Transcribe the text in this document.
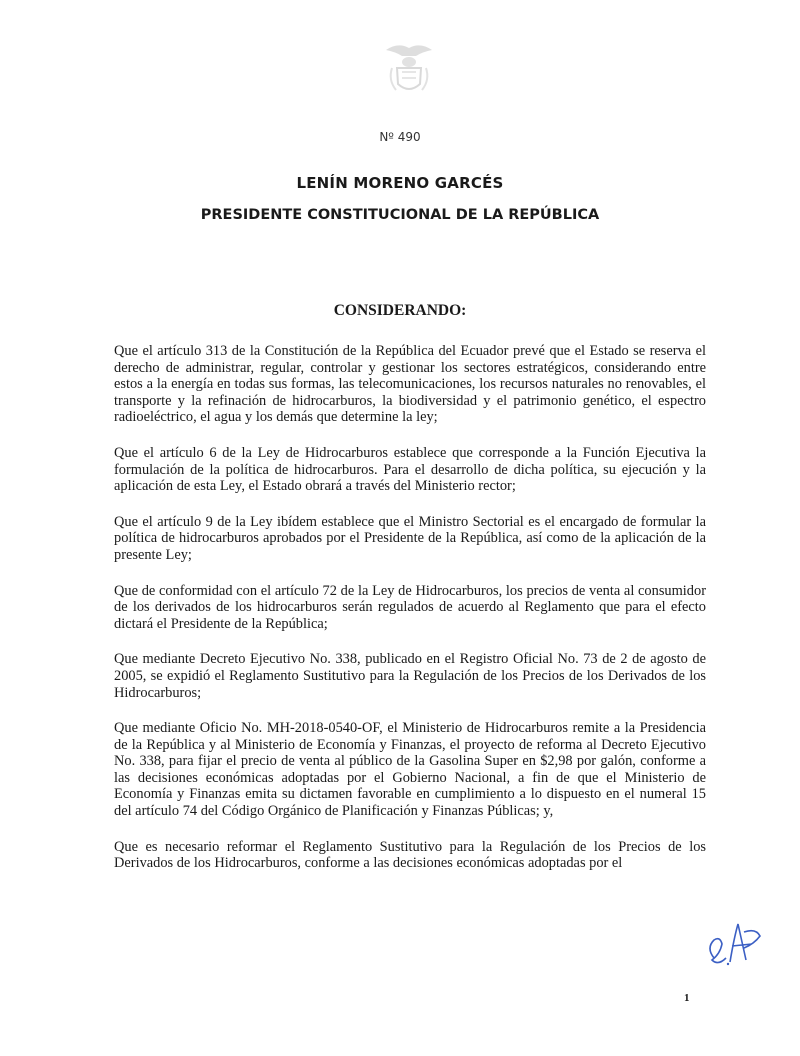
Nº 490
LENÍN MORENO GARCÉS
PRESIDENTE CONSTITUCIONAL DE LA REPÚBLICA
CONSIDERANDO:

Que el artículo 313 de la Constitución de la República del Ecuador prevé que el Estado se reserva el derecho de administrar, regular, controlar y gestionar los sectores estratégicos, considerando entre estos a la energía en todas sus formas, las telecomunicaciones, los recursos naturales no renovables, el transporte y la refinación de hidrocarburos, la biodiversidad y el patrimonio genético, el espectro radioeléctrico, el agua y los demás que determine la ley;

Que el artículo 6 de la Ley de Hidrocarburos establece que corresponde a la Función Ejecutiva la formulación de la política de hidrocarburos. Para el desarrollo de dicha política, su ejecución y la aplicación de esta Ley, el Estado obrará a través del Ministerio rector;

Que el artículo 9 de la Ley ibídem establece que el Ministro Sectorial es el encargado de formular la política de hidrocarburos aprobados por el Presidente de la República, así como de la aplicación de la presente Ley;

Que de conformidad con el artículo 72 de la Ley de Hidrocarburos, los precios de venta al consumidor de los derivados de los hidrocarburos serán regulados de acuerdo al Reglamento que para el efecto dictará el Presidente de la República;

Que mediante Decreto Ejecutivo No. 338, publicado en el Registro Oficial No. 73 de 2 de agosto de 2005, se expidió el Reglamento Sustitutivo para la Regulación de los Precios de los Derivados de los Hidrocarburos;

Que mediante Oficio No. MH-2018-0540-OF, el Ministerio de Hidrocarburos remite a la Presidencia de la República y al Ministerio de Economía y Finanzas, el proyecto de reforma al Decreto Ejecutivo No. 338, para fijar el precio de venta al público de la Gasolina Super en $2,98 por galón, conforme a las decisiones económicas adoptadas por el Gobierno Nacional, a fin de que el Ministerio de Economía y Finanzas emita su dictamen favorable en cumplimiento a lo dispuesto en el numeral 15 del artículo 74 del Código Orgánico de Planificación y Finanzas Públicas; y,

Que es necesario reformar el Reglamento Sustitutivo para la Regulación de los Precios de los Derivados de los Hidrocarburos, conforme a las decisiones económicas adoptadas por el

1
